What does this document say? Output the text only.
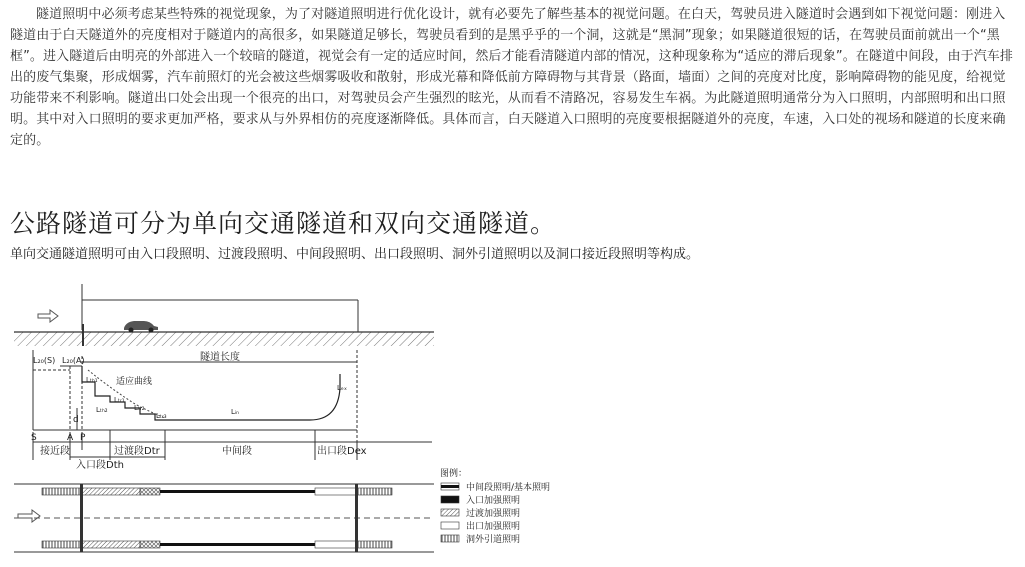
隧道照明中必须考虑某些特殊的视觉现象，为了对隧道照明进行优化设计，就有必要先了解些基本的视觉问题。在白天，驾驶员进入隧道时会遇到如下视觉问题：刚进入隧道由于白天隧道外的亮度相对于隧道内的高很多，如果隧道足够长，驾驶员看到的是黑乎乎的一个洞，这就是“黑洞”现象；如果隧道很短的话，在驾驶员面前就出一个“黑框”。进入隧道后由明亮的外部进入一个较暗的隧道，视觉会有一定的适应时间，然后才能看清隧道内部的情况，这种现象称为“适应的滞后现象”。在隧道中间段，由于汽车排出的废气集聚，形成烟雾，汽车前照灯的光会被这些烟雾吸收和散射，形成光幕和降低前方障碍物与其背景（路面，墙面）之间的亮度对比度，影响障碍物的能见度，给视觉功能带来不利影响。隧道出口处会出现一个很亮的出口，对驾驶员会产生强烈的眩光，从而看不清路况，容易发生车祸。为此隧道照明通常分为入口照明，内部照明和出口照明。其中对入口照明的要求更加严格，要求从与外界相仿的亮度逐渐降低。具体而言，白天隧道入口照明的亮度要根据隧道外的亮度，车速，入口处的视场和隧道的长度来确定的。

公路隧道可分为单向交通隧道和双向交通隧道。

单向交通隧道照明可由入口段照明、过渡段照明、中间段照明、出口段照明、洞外引道照明以及洞口接近段照明等构成。

L₂₀(S) L₂₀(A)	隧道长度
Lₜₕ₁ 适应曲线
Lₜₕ₂
Lₜᵣ₁
Lₜᵣ₂
Lₜᵣ₃	Lᵢₙ
Lₑₓ
d
S	A P
接近段	过渡段Dtr	中间段	出口段Dex
入口段Dth
图例：
中间段照明/基本照明
入口加强照明
过渡加强照明
出口加强照明
洞外引道照明
